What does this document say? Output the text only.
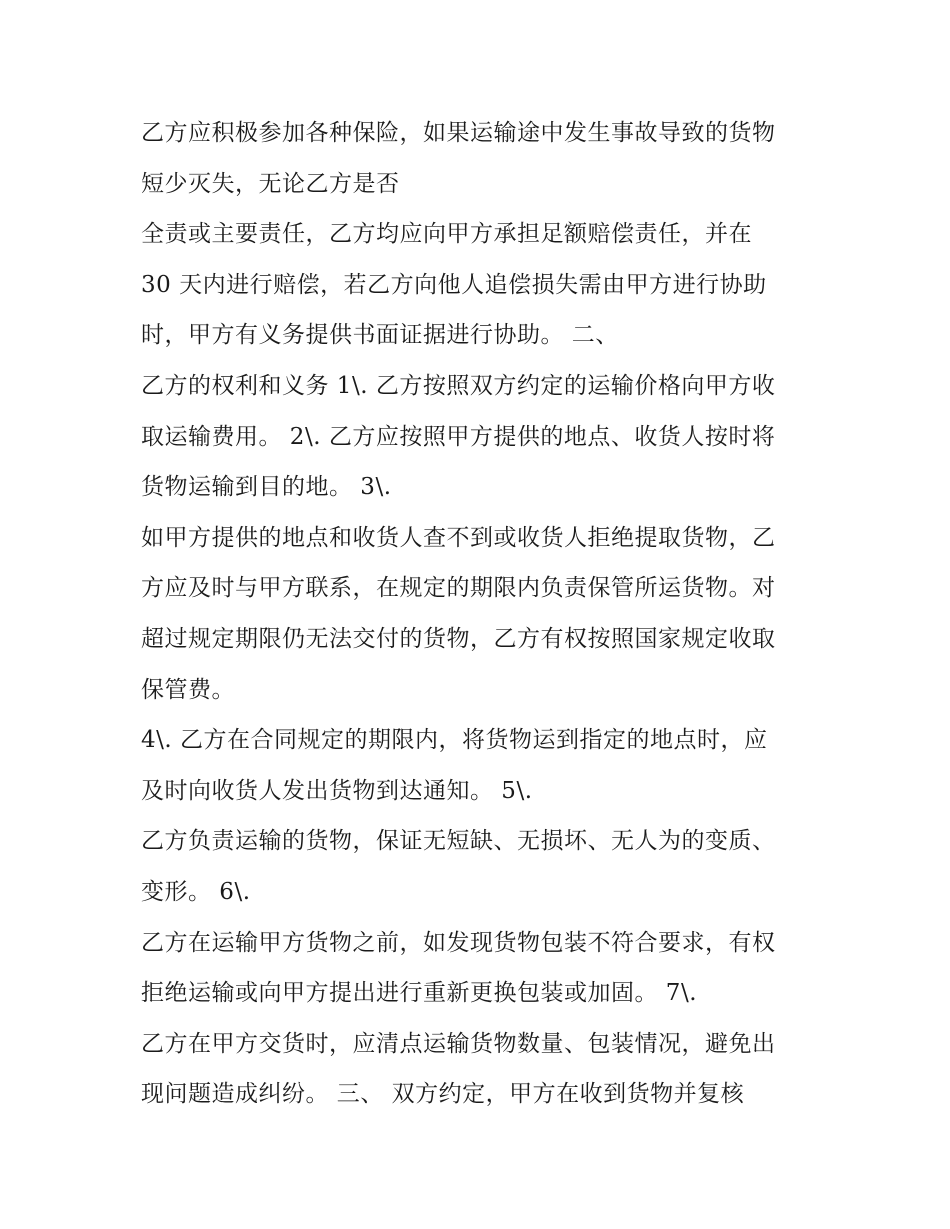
乙方应积极参加各种保险，如果运输途中发生事故导致的货物
短少灭失，无论乙方是否
全责或主要责任，乙方均应向甲方承担足额赔偿责任，并在
30 天内进行赔偿，若乙方向他人追偿损失需由甲方进行协助
时，甲方有义务提供书面证据进行协助。 二、
乙方的权利和义务 1\. 乙方按照双方约定的运输价格向甲方收
取运输费用。 2\. 乙方应按照甲方提供的地点、收货人按时将
货物运输到目的地。 3\.
如甲方提供的地点和收货人查不到或收货人拒绝提取货物，乙
方应及时与甲方联系，在规定的期限内负责保管所运货物。对
超过规定期限仍无法交付的货物，乙方有权按照国家规定收取
保管费。
4\. 乙方在合同规定的期限内，将货物运到指定的地点时，应
及时向收货人发出货物到达通知。 5\.
乙方负责运输的货物，保证无短缺、无损坏、无人为的变质、
变形。 6\.
乙方在运输甲方货物之前，如发现货物包装不符合要求，有权
拒绝运输或向甲方提出进行重新更换包装或加固。 7\.
乙方在甲方交货时，应清点运输货物数量、包装情况，避免出
现问题造成纠纷。 三、 双方约定，甲方在收到货物并复核
